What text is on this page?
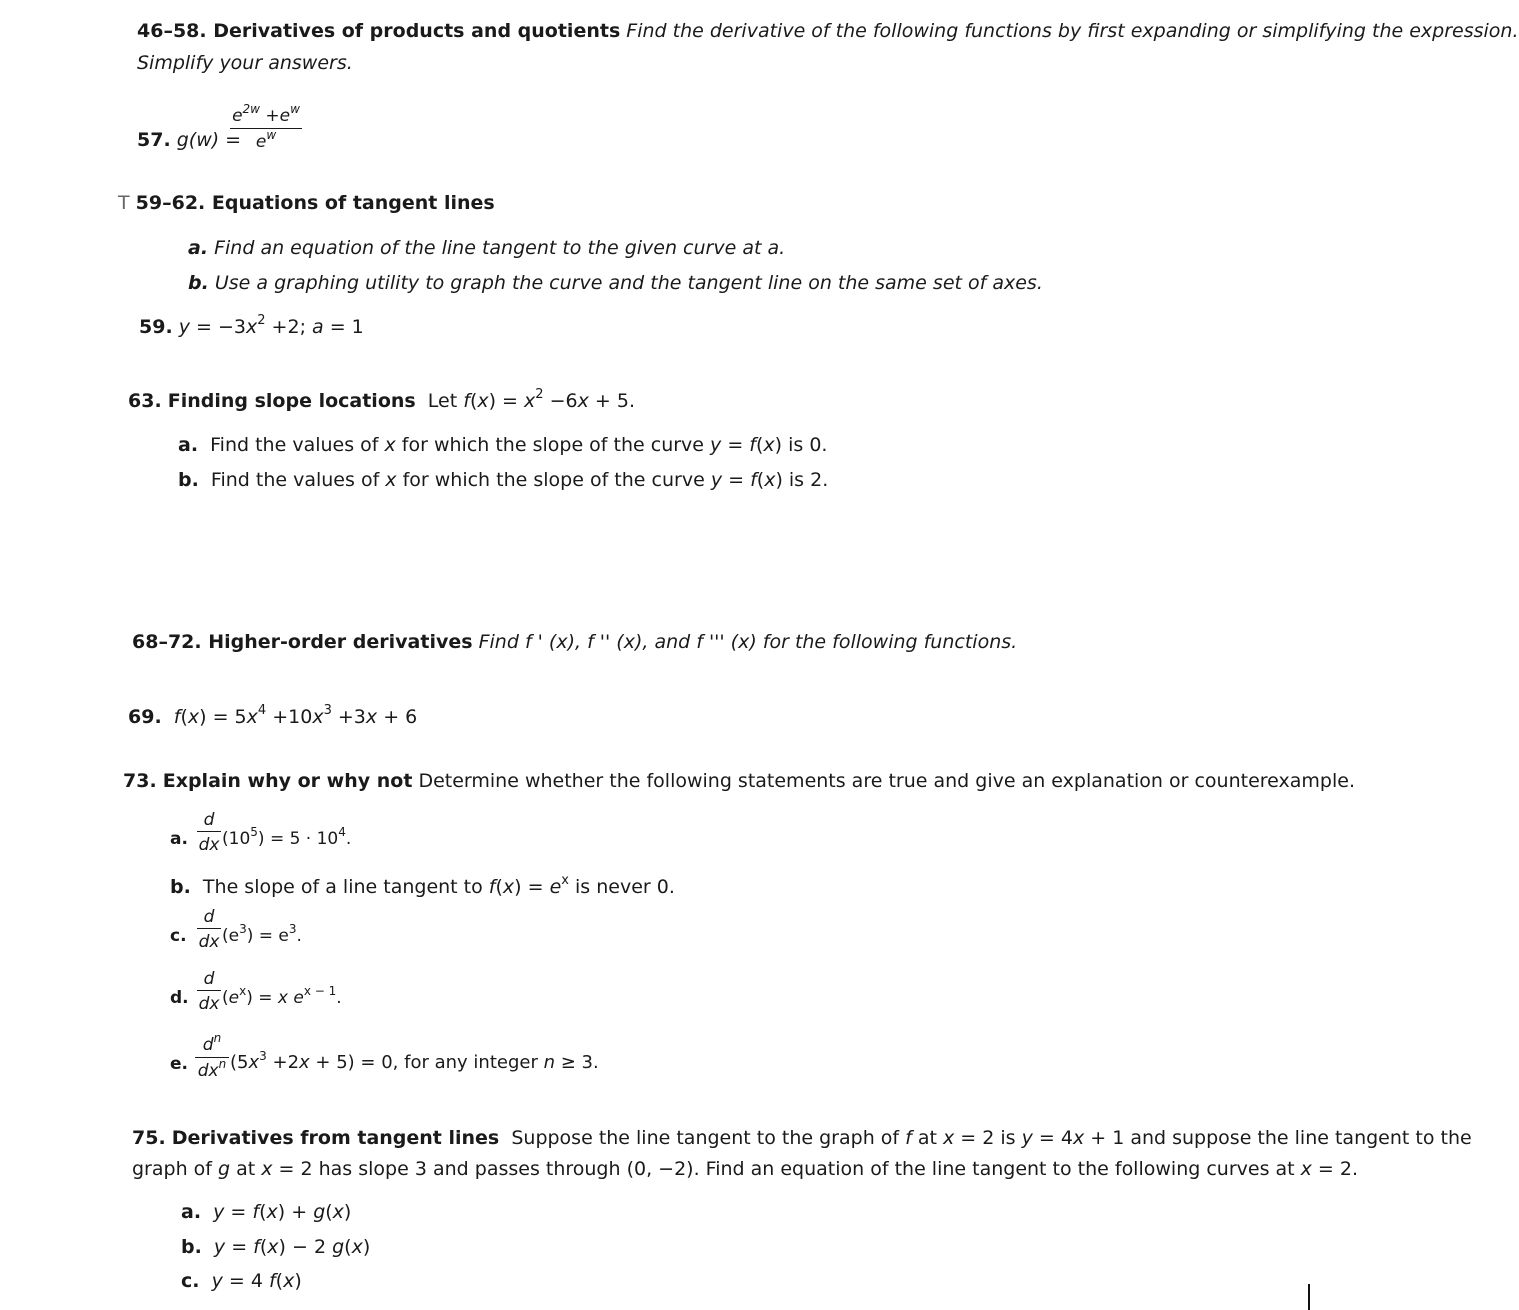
46–58. Derivatives of products and quotients Find the derivative of the following functions by first expanding or simplifying the expression.
Simplify your answers.
57. g(w) =
$e^{2w} +e^w$
$e^w$
T 59–62. Equations of tangent lines
a. Find an equation of the line tangent to the given curve at a.
b. Use a graphing utility to graph the curve and the tangent line on the same set of axes.
59. $y = -3x^2 +2$; a = 1
63. Finding slope locations  Let $f(x) = x^2 -6x + 5$.
a.  Find the values of x for which the slope of the curve y = f(x) is 0.
b.  Find the values of x for which the slope of the curve y = f(x) is 2.
68–72. Higher-order derivatives Find f ' (x), f '' (x), and f ''' (x) for the following functions.
69. $f(x) = 5x^4 +10x^3 +3x + 6$
73. Explain why or why not Determine whether the following statements are true and give an explanation or counterexample.
a.
d
dx $(10^5) = 5 \cdot 10^4$.
b.  The slope of a line tangent to $f(x) = e^x$ is never 0.
c.
d
dx $(e^3) = e^3$.
d.
d
dx $(e^x) = x$ $e^{x - 1}$.
e.
$d^n$
$dx^n$ $(5x^3 +2x + 5) = 0$, for any integer n ≥ 3.
75. Derivatives from tangent lines  Suppose the line tangent to the graph of f at x = 2 is y = 4x + 1 and suppose the line tangent to the
graph of g at x = 2 has slope 3 and passes through (0, −2). Find an equation of the line tangent to the following curves at x = 2.
a. y = f(x) + g(x)
b. y = f(x) − 2 g(x)
c. y = 4 f(x)
